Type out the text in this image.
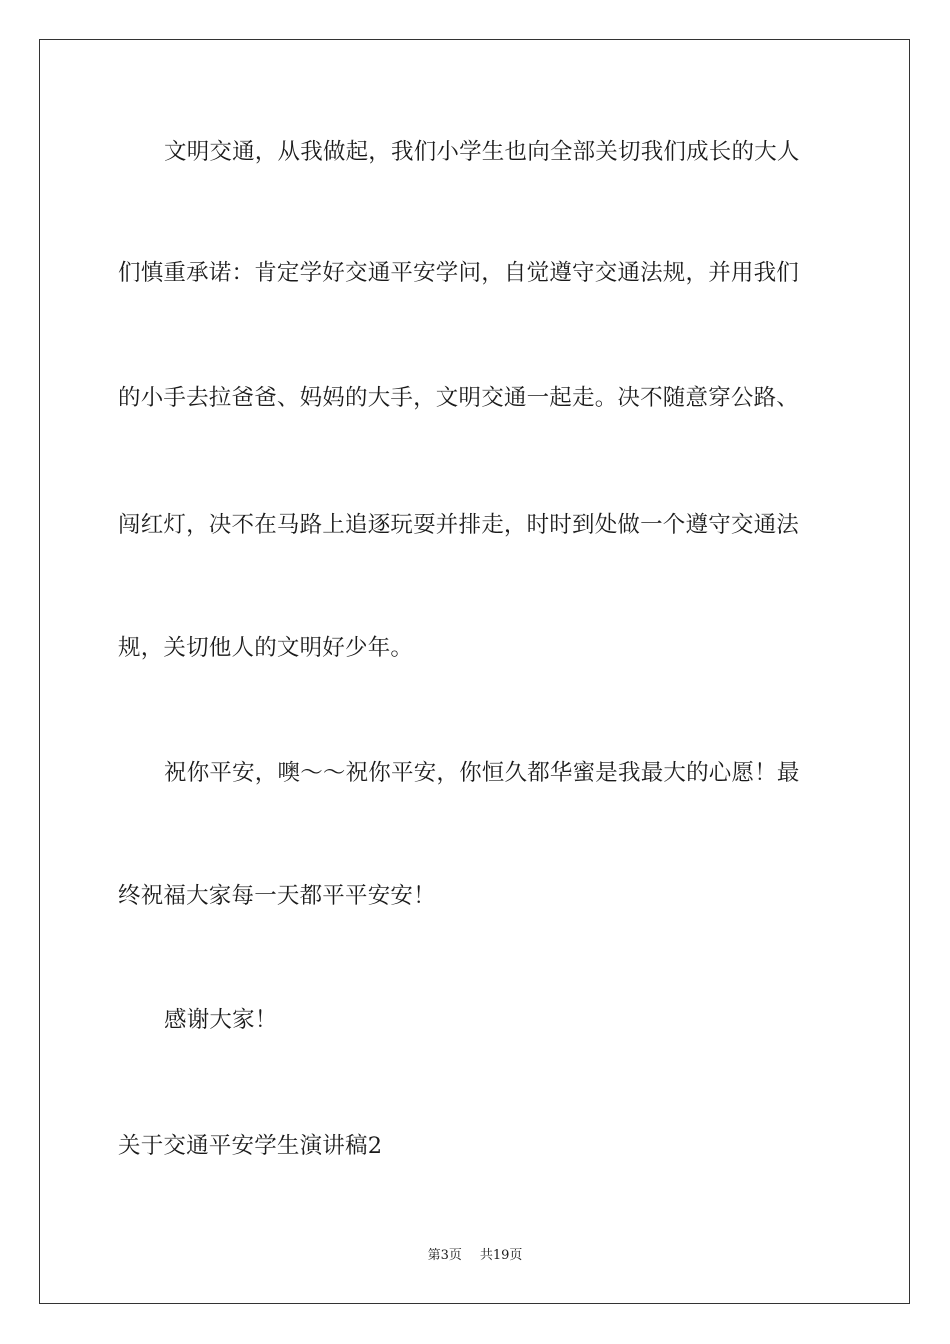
文明交通，从我做起，我们小学生也向全部关切我们成长的大人
们慎重承诺：肯定学好交通平安学问，自觉遵守交通法规，并用我们
的小手去拉爸爸、妈妈的大手，文明交通一起走。决不随意穿公路、
闯红灯，决不在马路上追逐玩耍并排走，时时到处做一个遵守交通法
规，关切他人的文明好少年。
祝你平安，噢～～祝你平安，你恒久都华蜜是我最大的心愿！最
终祝福大家每一天都平平安安！
感谢大家！
关于交通平安学生演讲稿2
第3页 共19页
